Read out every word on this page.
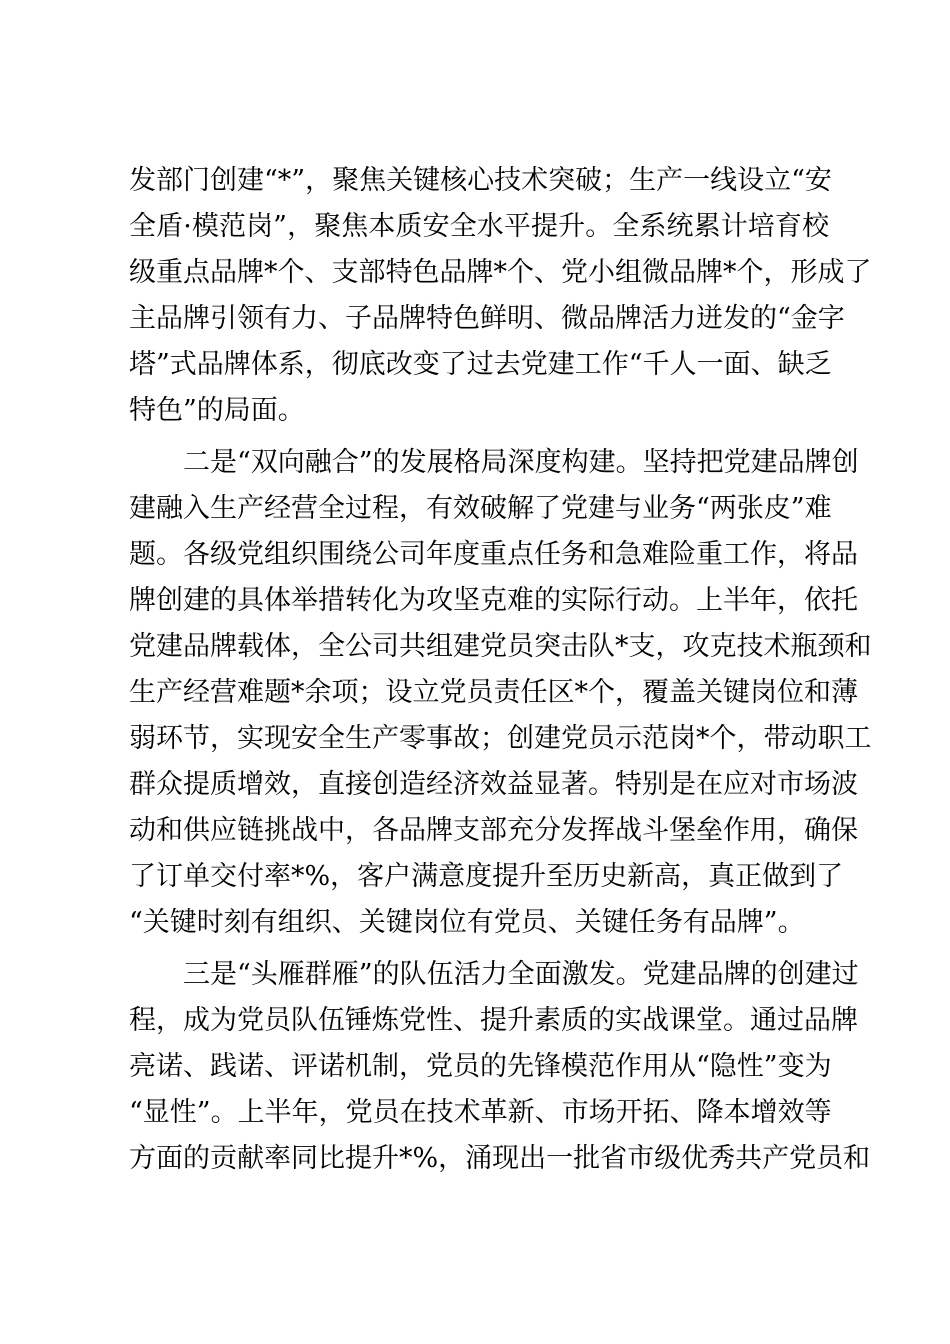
发部门创建“*”，聚焦关键核心技术突破；生产一线设立“安
全盾·模范岗”，聚焦本质安全水平提升。全系统累计培育校
级重点品牌*个、支部特色品牌*个、党小组微品牌*个，形成了
主品牌引领有力、子品牌特色鲜明、微品牌活力迸发的“金字
塔”式品牌体系，彻底改变了过去党建工作“千人一面、缺乏
特色”的局面。
　　二是“双向融合”的发展格局深度构建。坚持把党建品牌创
建融入生产经营全过程，有效破解了党建与业务“两张皮”难
题。各级党组织围绕公司年度重点任务和急难险重工作，将品
牌创建的具体举措转化为攻坚克难的实际行动。上半年，依托
党建品牌载体，全公司共组建党员突击队*支，攻克技术瓶颈和
生产经营难题*余项；设立党员责任区*个，覆盖关键岗位和薄
弱环节，实现安全生产零事故；创建党员示范岗*个，带动职工
群众提质增效，直接创造经济效益显著。特别是在应对市场波
动和供应链挑战中，各品牌支部充分发挥战斗堡垒作用，确保
了订单交付率*%，客户满意度提升至历史新高，真正做到了
“关键时刻有组织、关键岗位有党员、关键任务有品牌”。
　　三是“头雁群雁”的队伍活力全面激发。党建品牌的创建过
程，成为党员队伍锤炼党性、提升素质的实战课堂。通过品牌
亮诺、践诺、评诺机制，党员的先锋模范作用从“隐性”变为
“显性”。上半年，党员在技术革新、市场开拓、降本增效等
方面的贡献率同比提升*%，涌现出一批省市级优秀共产党员和
